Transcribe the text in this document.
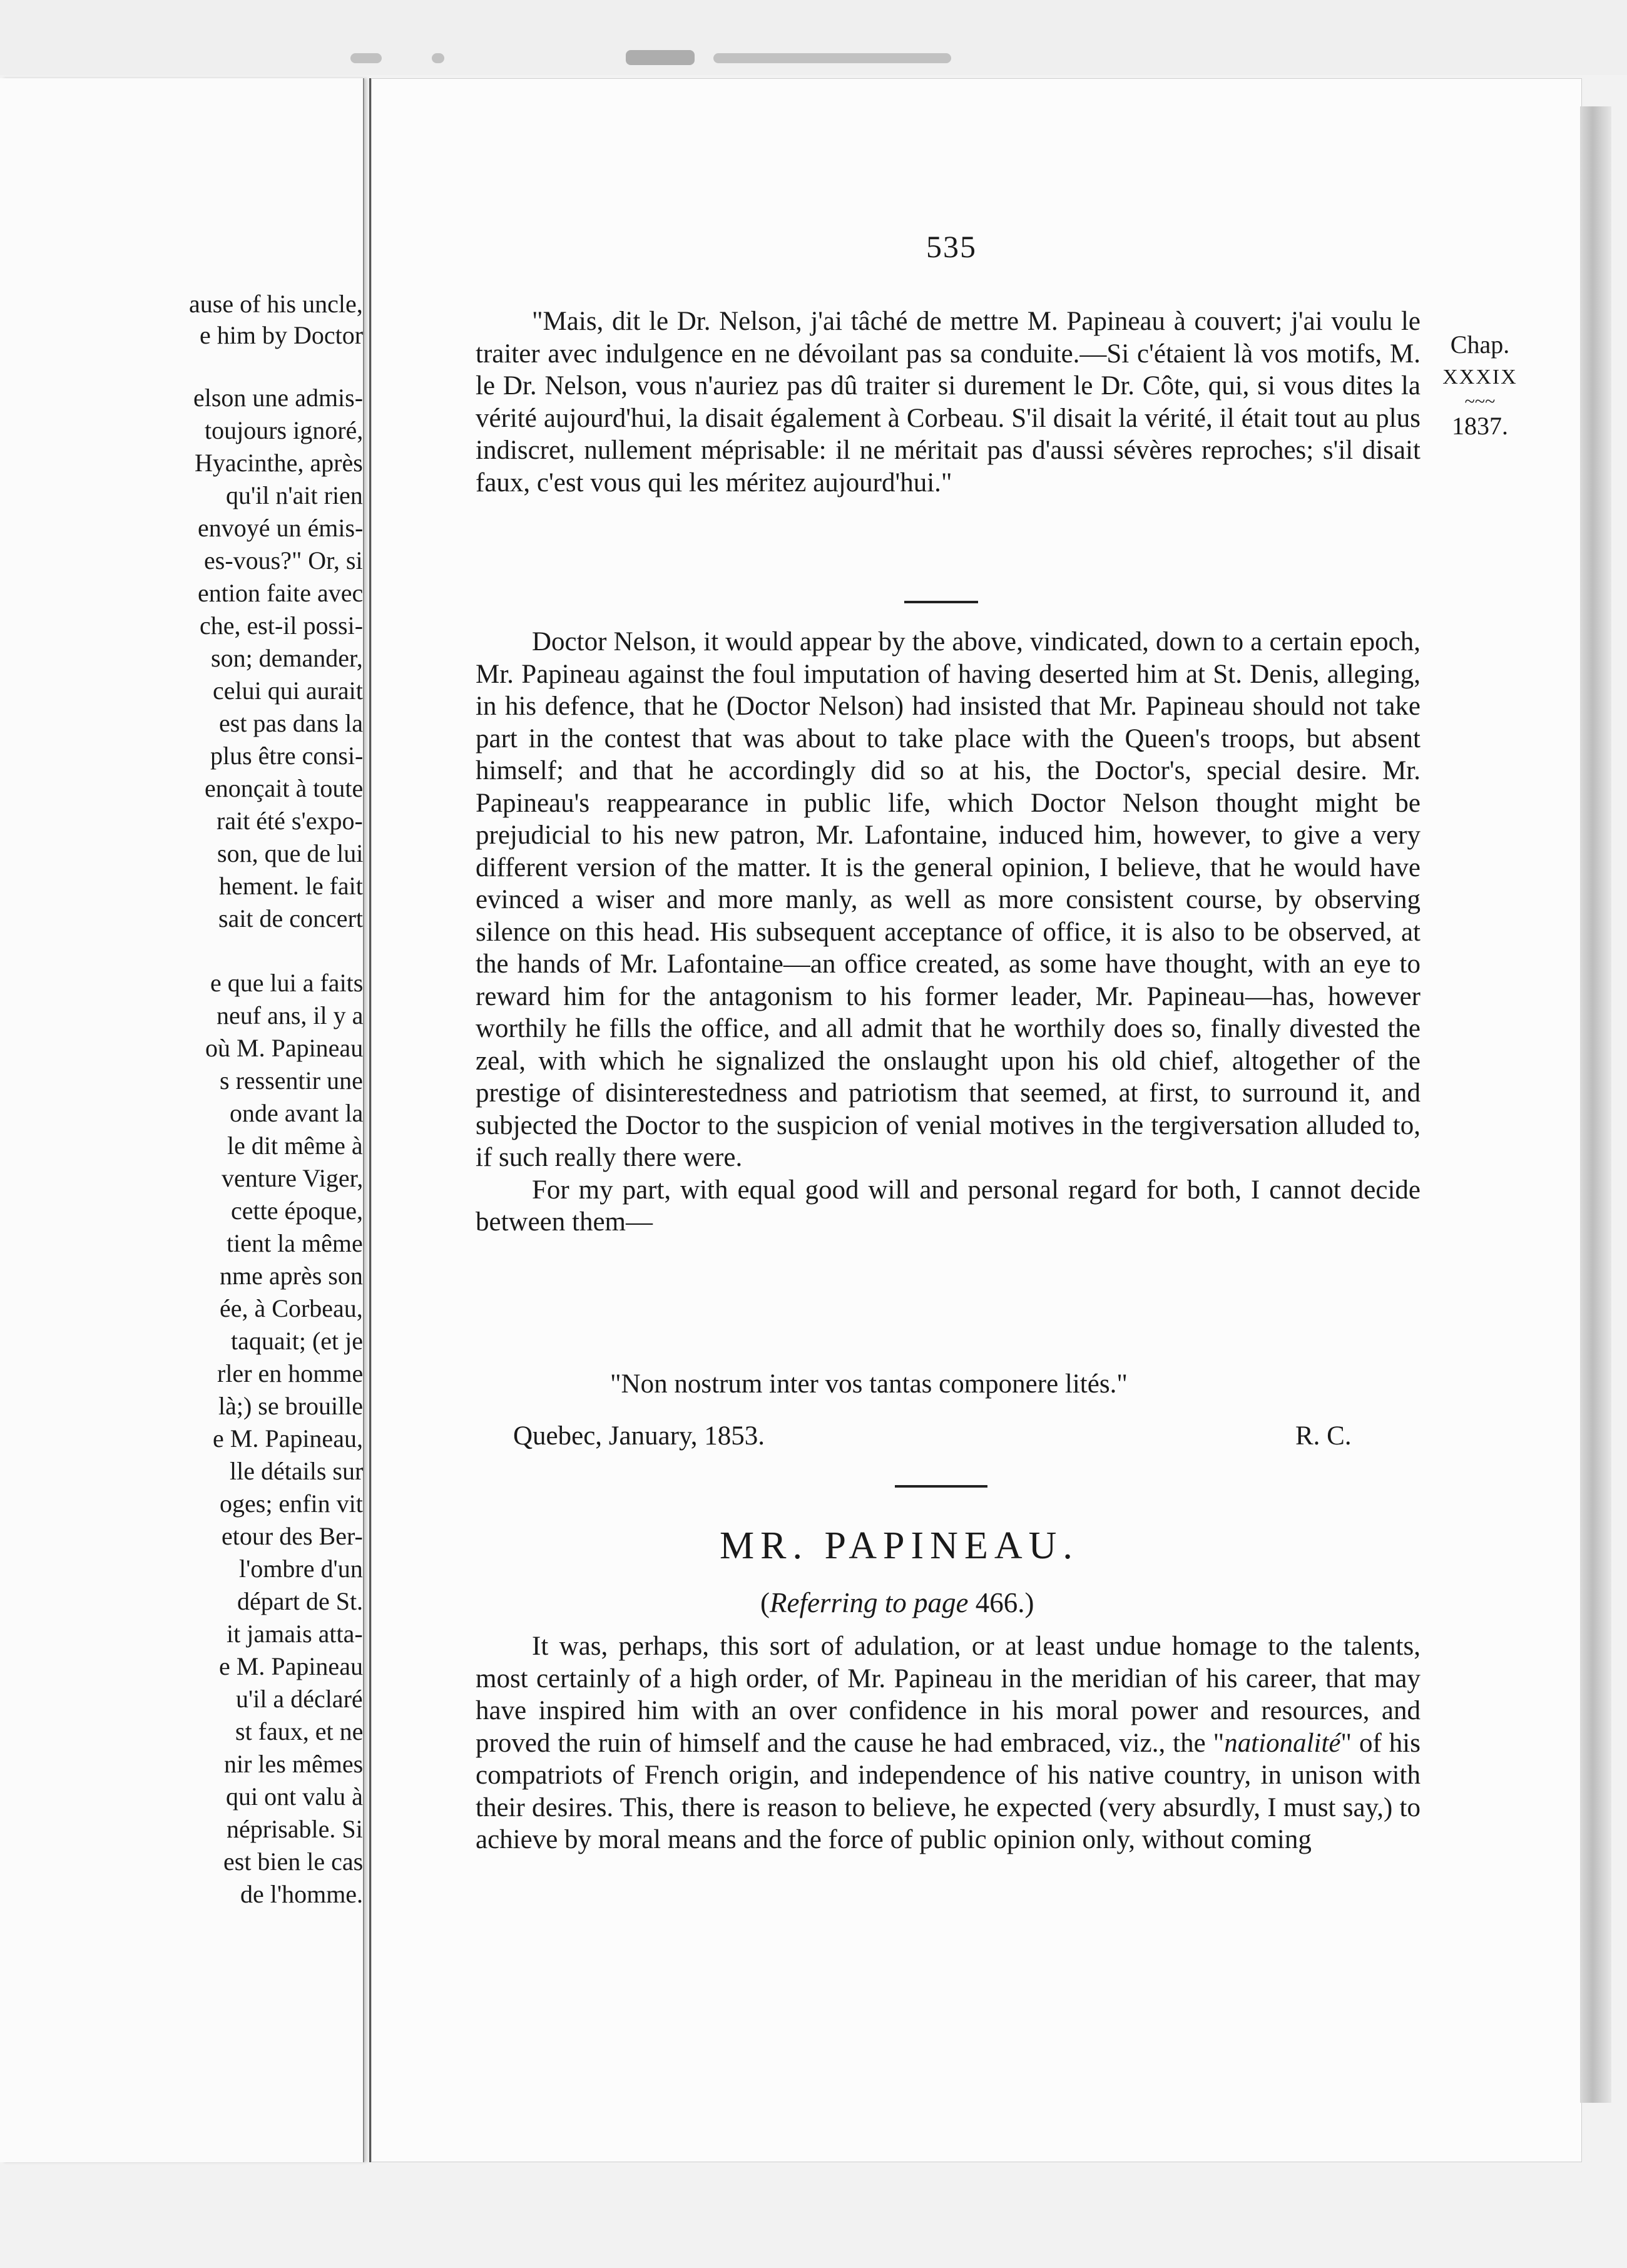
ause of his uncle,
e him by Doctor
elson une admis-
toujours ignoré,
Hyacinthe, après
qu'il n'ait rien
envoyé un émis-
es-vous?" Or, si
ention faite avec
che, est-il possi-
son; demander,
celui qui aurait
est pas dans la
plus être consi-
enonçait à toute
rait été s'expo-
son, que de lui
hement. le fait
sait de concert
e que lui a faits
neuf ans, il y a
où M. Papineau
s ressentir une
onde avant la
le dit même à
venture Viger,
cette époque,
tient la même
nme après son
ée, à Corbeau,
taquait; (et je
rler en homme
là;) se brouille
e M. Papineau,
lle détails sur
oges; enfin vit
etour des Ber-
l'ombre d'un
départ de St.
it jamais atta-
e M. Papineau
u'il a déclaré
st faux, et ne
nir les mêmes
qui ont valu à
néprisable. Si
est bien le cas
de l'homme.
535
Chap.
XXXIX
~~~
1837.

"Mais, dit le Dr. Nelson, j'ai tâché de mettre M. Papineau à couvert; j'ai voulu le traiter avec indulgence en ne dévoilant pas sa conduite.—Si c'étaient là vos motifs, M. le Dr. Nelson, vous n'auriez pas dû traiter si durement le Dr. Côte, qui, si vous dites la vérité aujourd'hui, la disait également à Corbeau. S'il disait la vérité, il était tout au plus indiscret, nullement méprisable: il ne méritait pas d'aussi sévères reproches; s'il disait faux, c'est vous qui les méritez aujourd'hui."

Doctor Nelson, it would appear by the above, vindicated, down to a certain epoch, Mr. Papineau against the foul imputation of having deserted him at St. Denis, alleging, in his defence, that he (Doctor Nelson) had insisted that Mr. Papineau should not take part in the contest that was about to take place with the Queen's troops, but absent himself; and that he accordingly did so at his, the Doctor's, special desire. Mr. Papineau's reappearance in public life, which Doctor Nelson thought might be prejudicial to his new patron, Mr. Lafontaine, induced him, however, to give a very different version of the matter. It is the general opinion, I believe, that he would have evinced a wiser and more manly, as well as more consistent course, by observing silence on this head. His subsequent acceptance of office, it is also to be observed, at the hands of Mr. Lafontaine—an office created, as some have thought, with an eye to reward him for the antagonism to his former leader, Mr. Papineau—has, however worthily he fills the office, and all admit that he worthily does so, finally divested the zeal, with which he signalized the onslaught upon his old chief, altogether of the prestige of disinterestedness and patriotism that seemed, at first, to surround it, and subjected the Doctor to the suspicion of venial motives in the tergiversation alluded to, if such really there were.

For my part, with equal good will and personal regard for both, I cannot decide between them—

"Non nostrum inter vos tantas componere lités."
Quebec, January, 1853.	R. C.
MR. PAPINEAU.
(Referring to page 466.)

It was, perhaps, this sort of adulation, or at least undue homage to the talents, most certainly of a high order, of Mr. Papineau in the meridian of his career, that may have inspired him with an over confidence in his moral power and resources, and proved the ruin of himself and the cause he had embraced, viz., the "nationalité" of his compatriots of French origin, and independence of his native country, in unison with their desires. This, there is reason to believe, he expected (very absurdly, I must say,) to achieve by moral means and the force of public opinion only, without coming
